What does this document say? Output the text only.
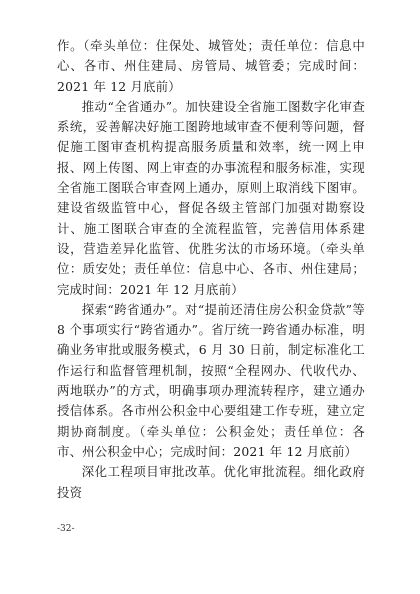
作。（牵头单位：住保处、城管处；责任单位：信息中心、各市、州住建局、房管局、城管委；完成时间：2021 年 12 月底前）

推动“全省通办”。加快建设全省施工图数字化审查系统，妥善解决好施工图跨地域审查不便利等问题，督促施工图审查机构提高服务质量和效率，统一网上申报、网上传图、网上审查的办事流程和服务标准，实现全省施工图联合审查网上通办，原则上取消线下图审。建设省级监管中心，督促各级主管部门加强对勘察设计、施工图联合审查的全流程监管，完善信用体系建设，营造差异化监管、优胜劣汰的市场环境。（牵头单位：质安处；责任单位：信息中心、各市、州住建局；完成时间：2021 年 12 月底前）

探索“跨省通办”。对“提前还清住房公积金贷款”等 8 个事项实行“跨省通办”。省厅统一跨省通办标准，明确业务审批或服务模式，6 月 30 日前，制定标准化工作运行和监督管理机制，按照“全程网办、代收代办、两地联办”的方式，明确事项办理流转程序，建立通办授信体系。各市州公积金中心要组建工作专班，建立定期协商制度。（牵头单位：公积金处；责任单位：各市、州公积金中心；完成时间：2021 年 12 月底前）

深化工程项目审批改革。优化审批流程。细化政府投资

-32-
